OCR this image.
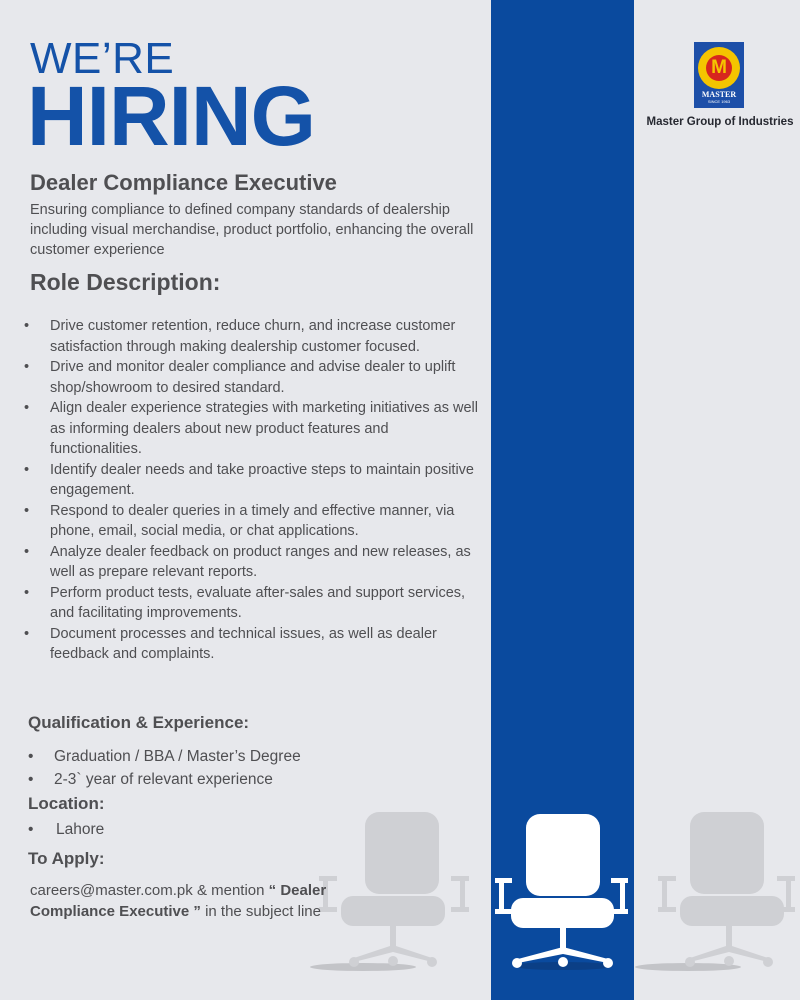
M
MASTER
SINCE 1963
Master Group of Industries
WE’RE
HIRING
Dealer Compliance Executive
Ensuring compliance to defined company standards of dealership including visual merchandise, product portfolio, enhancing the overall customer experience
Role Description:
• Drive customer retention, reduce churn, and increase customer satisfaction through making dealership customer focused.
• Drive and monitor dealer compliance and advise dealer to uplift shop/showroom to desired standard.
• Align dealer experience strategies with marketing initiatives as well as informing dealers about new product features and functionalities.
• Identify dealer needs and take proactive steps to maintain positive engagement.
• Respond to dealer queries in a timely and effective manner, via phone, email, social media, or chat applications.
• Analyze dealer feedback on product ranges and new releases, as well as prepare relevant reports.
• Perform product tests, evaluate after-sales and support services, and facilitating improvements.
• Document processes and technical issues, as well as dealer feedback and complaints.
Qualification & Experience:
• Graduation / BBA / Master’s Degree
• 2-3` year of relevant experience
Location:
• Lahore
To Apply:
careers@master.com.pk & mention “ Dealer Compliance Executive ” in the subject line
